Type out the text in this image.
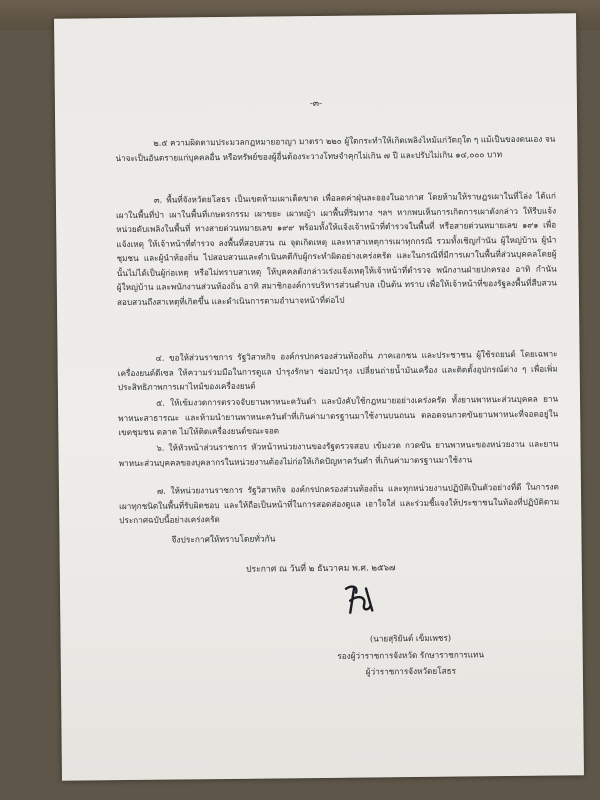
-๓-

๒.๕ ความผิดตามประมวลกฎหมายอาญา มาตรา ๒๒๐ ผู้ใดกระทำให้เกิดเพลิงไหม้แก่วัตถุใด ๆ แม้เป็นของตนเอง จนน่าจะเป็นอันตรายแก่บุคคลอื่น หรือทรัพย์ของผู้อื่นต้องระวางโทษจำคุกไม่เกิน ๗ ปี และปรับไม่เกิน ๑๔,๐๐๐ บาท

๓. พื้นที่จังหวัดยโสธร เป็นเขตห้ามเผาเด็ดขาด เพื่อลดค่าฝุ่นละอองในอากาศ โดยห้ามให้ราษฎรเผาในที่โล่ง ได้แก่ เผาในพื้นที่ป่า เผาในพื้นที่เกษตรกรรม เผาขยะ เผาหญ้า เผาพื้นที่ริมทาง ฯลฯ หากพบเห็นการเกิดการเผาดังกล่าว ให้รีบแจ้งหน่วยดับเพลิงในพื้นที่ ทางสายด่วนหมายเลข ๑๙๙ พร้อมทั้งให้แจ้งเจ้าหน้าที่ตำรวจในพื้นที่ หรือสายด่วนหมายเลข ๑๙๑ เพื่อแจ้งเหตุ ให้เจ้าหน้าที่ตำรวจ ลงพื้นที่สอบสวน ณ จุดเกิดเหตุ และหาสาเหตุการเผาทุกกรณี รวมทั้งเชิญกำนัน ผู้ใหญ่บ้าน ผู้นำชุมชน และผู้นำท้องถิ่น ไปสอบสวนและดำเนินคดีกับผู้กระทำผิดอย่างเคร่งครัด และในกรณีที่มีการเผาในพื้นที่ส่วนบุคคลโดยผู้นั้นไม่ได้เป็นผู้ก่อเหตุ หรือไม่ทราบสาเหตุ ให้บุคคลดังกล่าวเร่งแจ้งเหตุให้เจ้าหน้าที่ตำรวจ พนักงานฝ่ายปกครอง อาทิ กำนัน ผู้ใหญ่บ้าน และพนักงานส่วนท้องถิ่น อาทิ สมาชิกองค์การบริหารส่วนตำบล เป็นต้น ทราบ เพื่อให้เจ้าหน้าที่ของรัฐลงพื้นที่สืบสวนสอบสวนถึงสาเหตุที่เกิดขึ้น และดำเนินการตามอำนาจหน้าที่ต่อไป

๔. ขอให้ส่วนราชการ รัฐวิสาหกิจ องค์กรปกครองส่วนท้องถิ่น ภาคเอกชน และประชาชน ผู้ใช้รถยนต์ โดยเฉพาะเครื่องยนต์ดีเซล ให้ความร่วมมือในการดูแล บำรุงรักษา ซ่อมบำรุง เปลี่ยนถ่ายน้ำมันเครื่อง และติดตั้งอุปกรณ์ต่าง ๆ เพื่อเพิ่มประสิทธิภาพการเผาไหม้ของเครื่องยนต์

๕. ให้เข้มงวดการตรวจจับยานพาหนะควันดำ และบังคับใช้กฎหมายอย่างเคร่งครัด ทั้งยานพาหนะส่วนบุคคล ยานพาหนะสาธารณะ และห้ามนำยานพาหนะควันดำที่เกินค่ามาตรฐานมาใช้งานบนถนน ตลอดจนกวดขันยานพาหนะที่จอดอยู่ในเขตชุมชน ตลาด ไม่ให้ติดเครื่องยนต์ขณะจอด

๖. ให้หัวหน้าส่วนราชการ หัวหน้าหน่วยงานของรัฐตรวจสอบ เข้มงวด กวดขัน ยานพาหนะของหน่วยงาน และยานพาหนะส่วนบุคคลของบุคลากรในหน่วยงานต้องไม่ก่อให้เกิดปัญหาควันดำ ที่เกินค่ามาตรฐานมาใช้งาน

๗. ให้หน่วยงานราชการ รัฐวิสาหกิจ องค์กรปกครองส่วนท้องถิ่น และทุกหน่วยงานปฏิบัติเป็นตัวอย่างที่ดี ในการงดเผาทุกชนิดในพื้นที่รับผิดชอบ และให้ถือเป็นหน้าที่ในการสอดส่องดูแล เอาใจใส่ และร่วมชี้แจงให้ประชาชนในท้องที่ปฏิบัติตามประกาศฉบับนี้อย่างเคร่งครัด

จึงประกาศให้ทราบโดยทั่วกัน
ประกาศ ณ วันที่ ๒ ธันวาคม พ.ศ. ๒๕๖๗
(นายสุริยันต์ เข็มเพชร)
รองผู้ว่าราชการจังหวัด รักษาราชการแทน
ผู้ว่าราชการจังหวัดยโสธร
